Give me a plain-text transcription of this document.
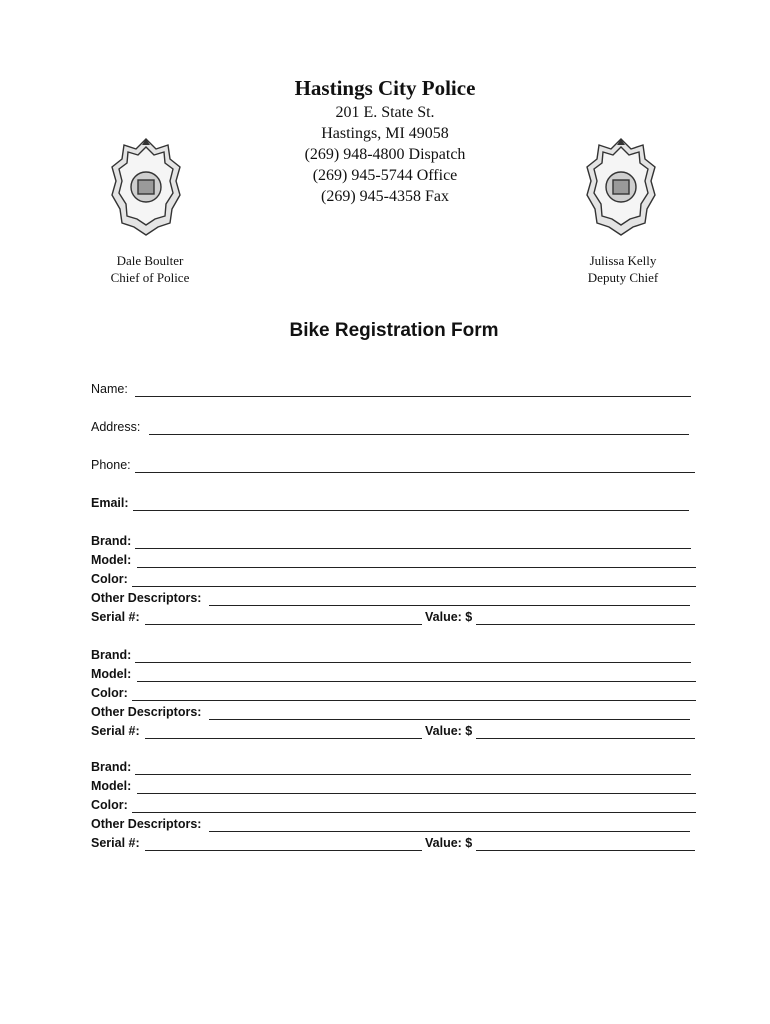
Hastings City Police
201 E. State St.
Hastings, MI 49058
(269) 948-4800 Dispatch
(269) 945-5744 Office
(269) 945-4358 Fax
Dale Boulter
Chief of Police
Julissa Kelly
Deputy Chief
Bike Registration Form
Name:
Address:
Phone:
Email:
Brand:
Model:
Color:
Other Descriptors:
Serial #:	Value: $
Brand:
Model:
Color:
Other Descriptors:
Serial #:	Value: $
Brand:
Model:
Color:
Other Descriptors:
Serial #:	Value: $
